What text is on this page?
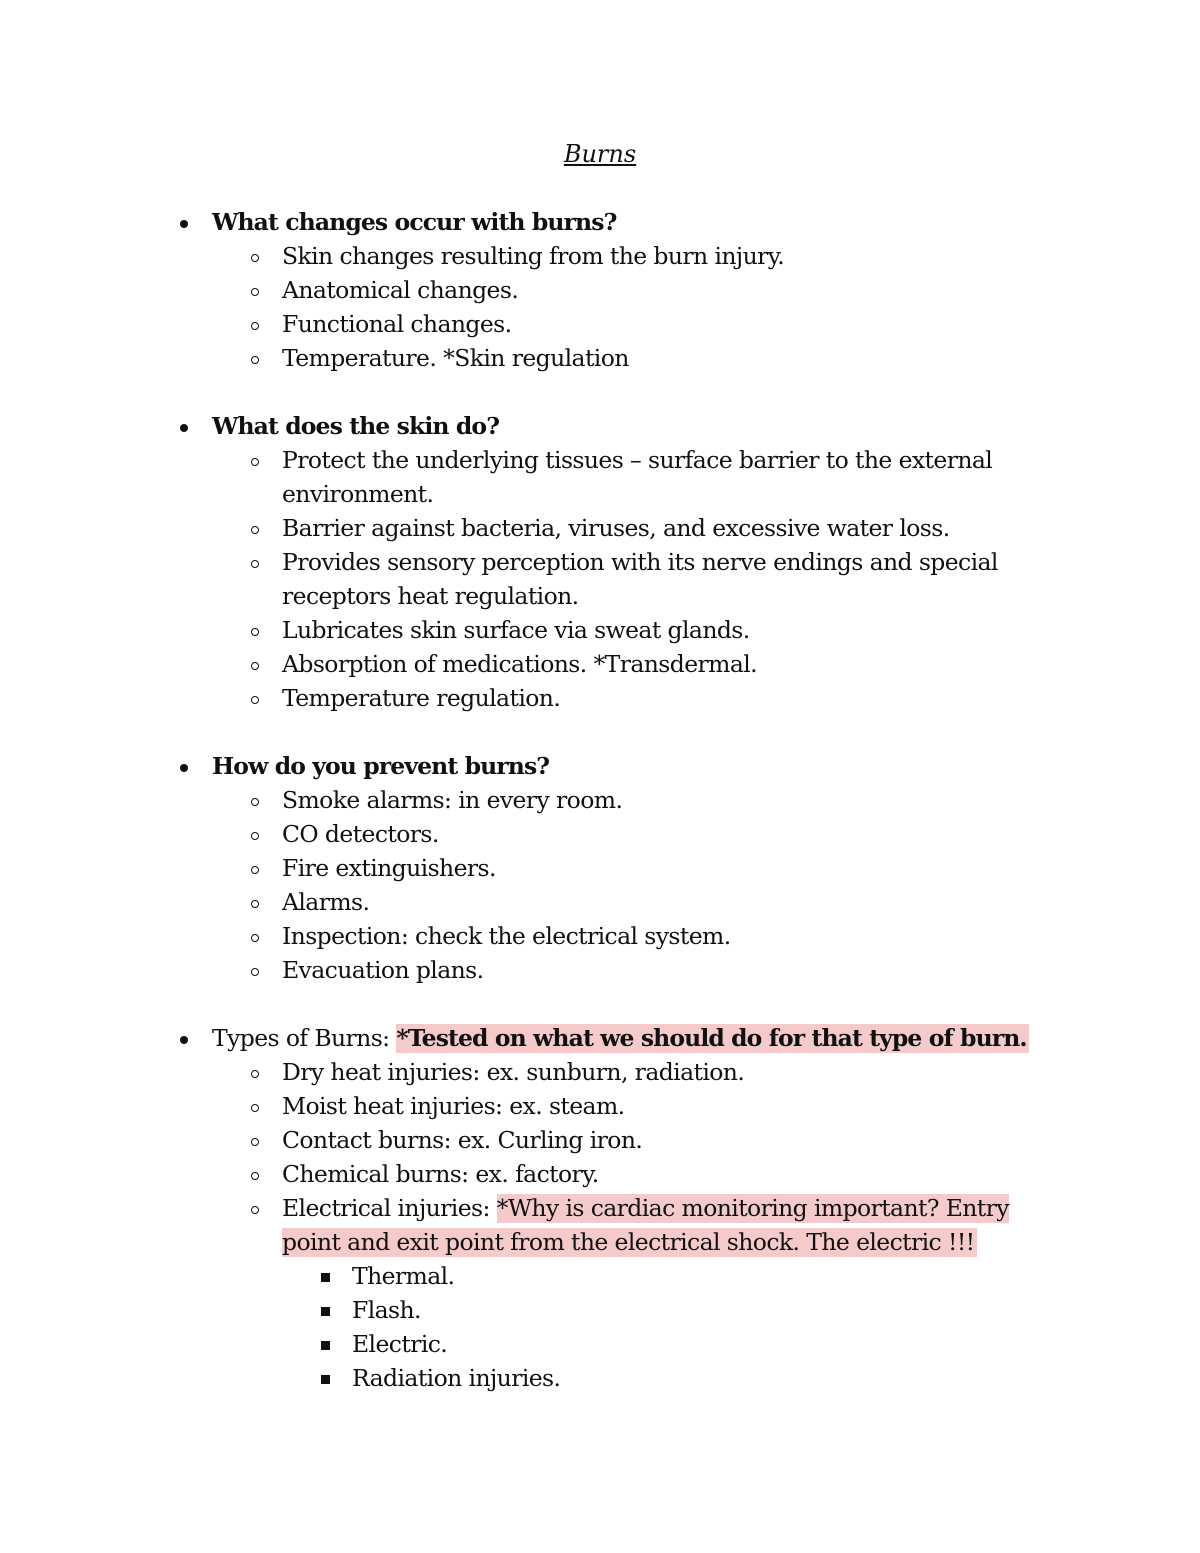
Burns
What changes occur with burns?
Skin changes resulting from the burn injury.
Anatomical changes.
Functional changes.
Temperature. *Skin regulation
What does the skin do?
Protect the underlying tissues – surface barrier to the external environment.
Barrier against bacteria, viruses, and excessive water loss.
Provides sensory perception with its nerve endings and special receptors heat regulation.
Lubricates skin surface via sweat glands.
Absorption of medications. *Transdermal.
Temperature regulation.
How do you prevent burns?
Smoke alarms: in every room.
CO detectors.
Fire extinguishers.
Alarms.
Inspection: check the electrical system.
Evacuation plans.
Types of Burns: *Tested on what we should do for that type of burn.
Dry heat injuries: ex. sunburn, radiation.
Moist heat injuries: ex. steam.
Contact burns: ex. Curling iron.
Chemical burns: ex. factory.
Electrical injuries: *Why is cardiac monitoring important? Entry point and exit point from the electrical shock. The electric !!!
Thermal.
Flash.
Electric.
Radiation injuries.
